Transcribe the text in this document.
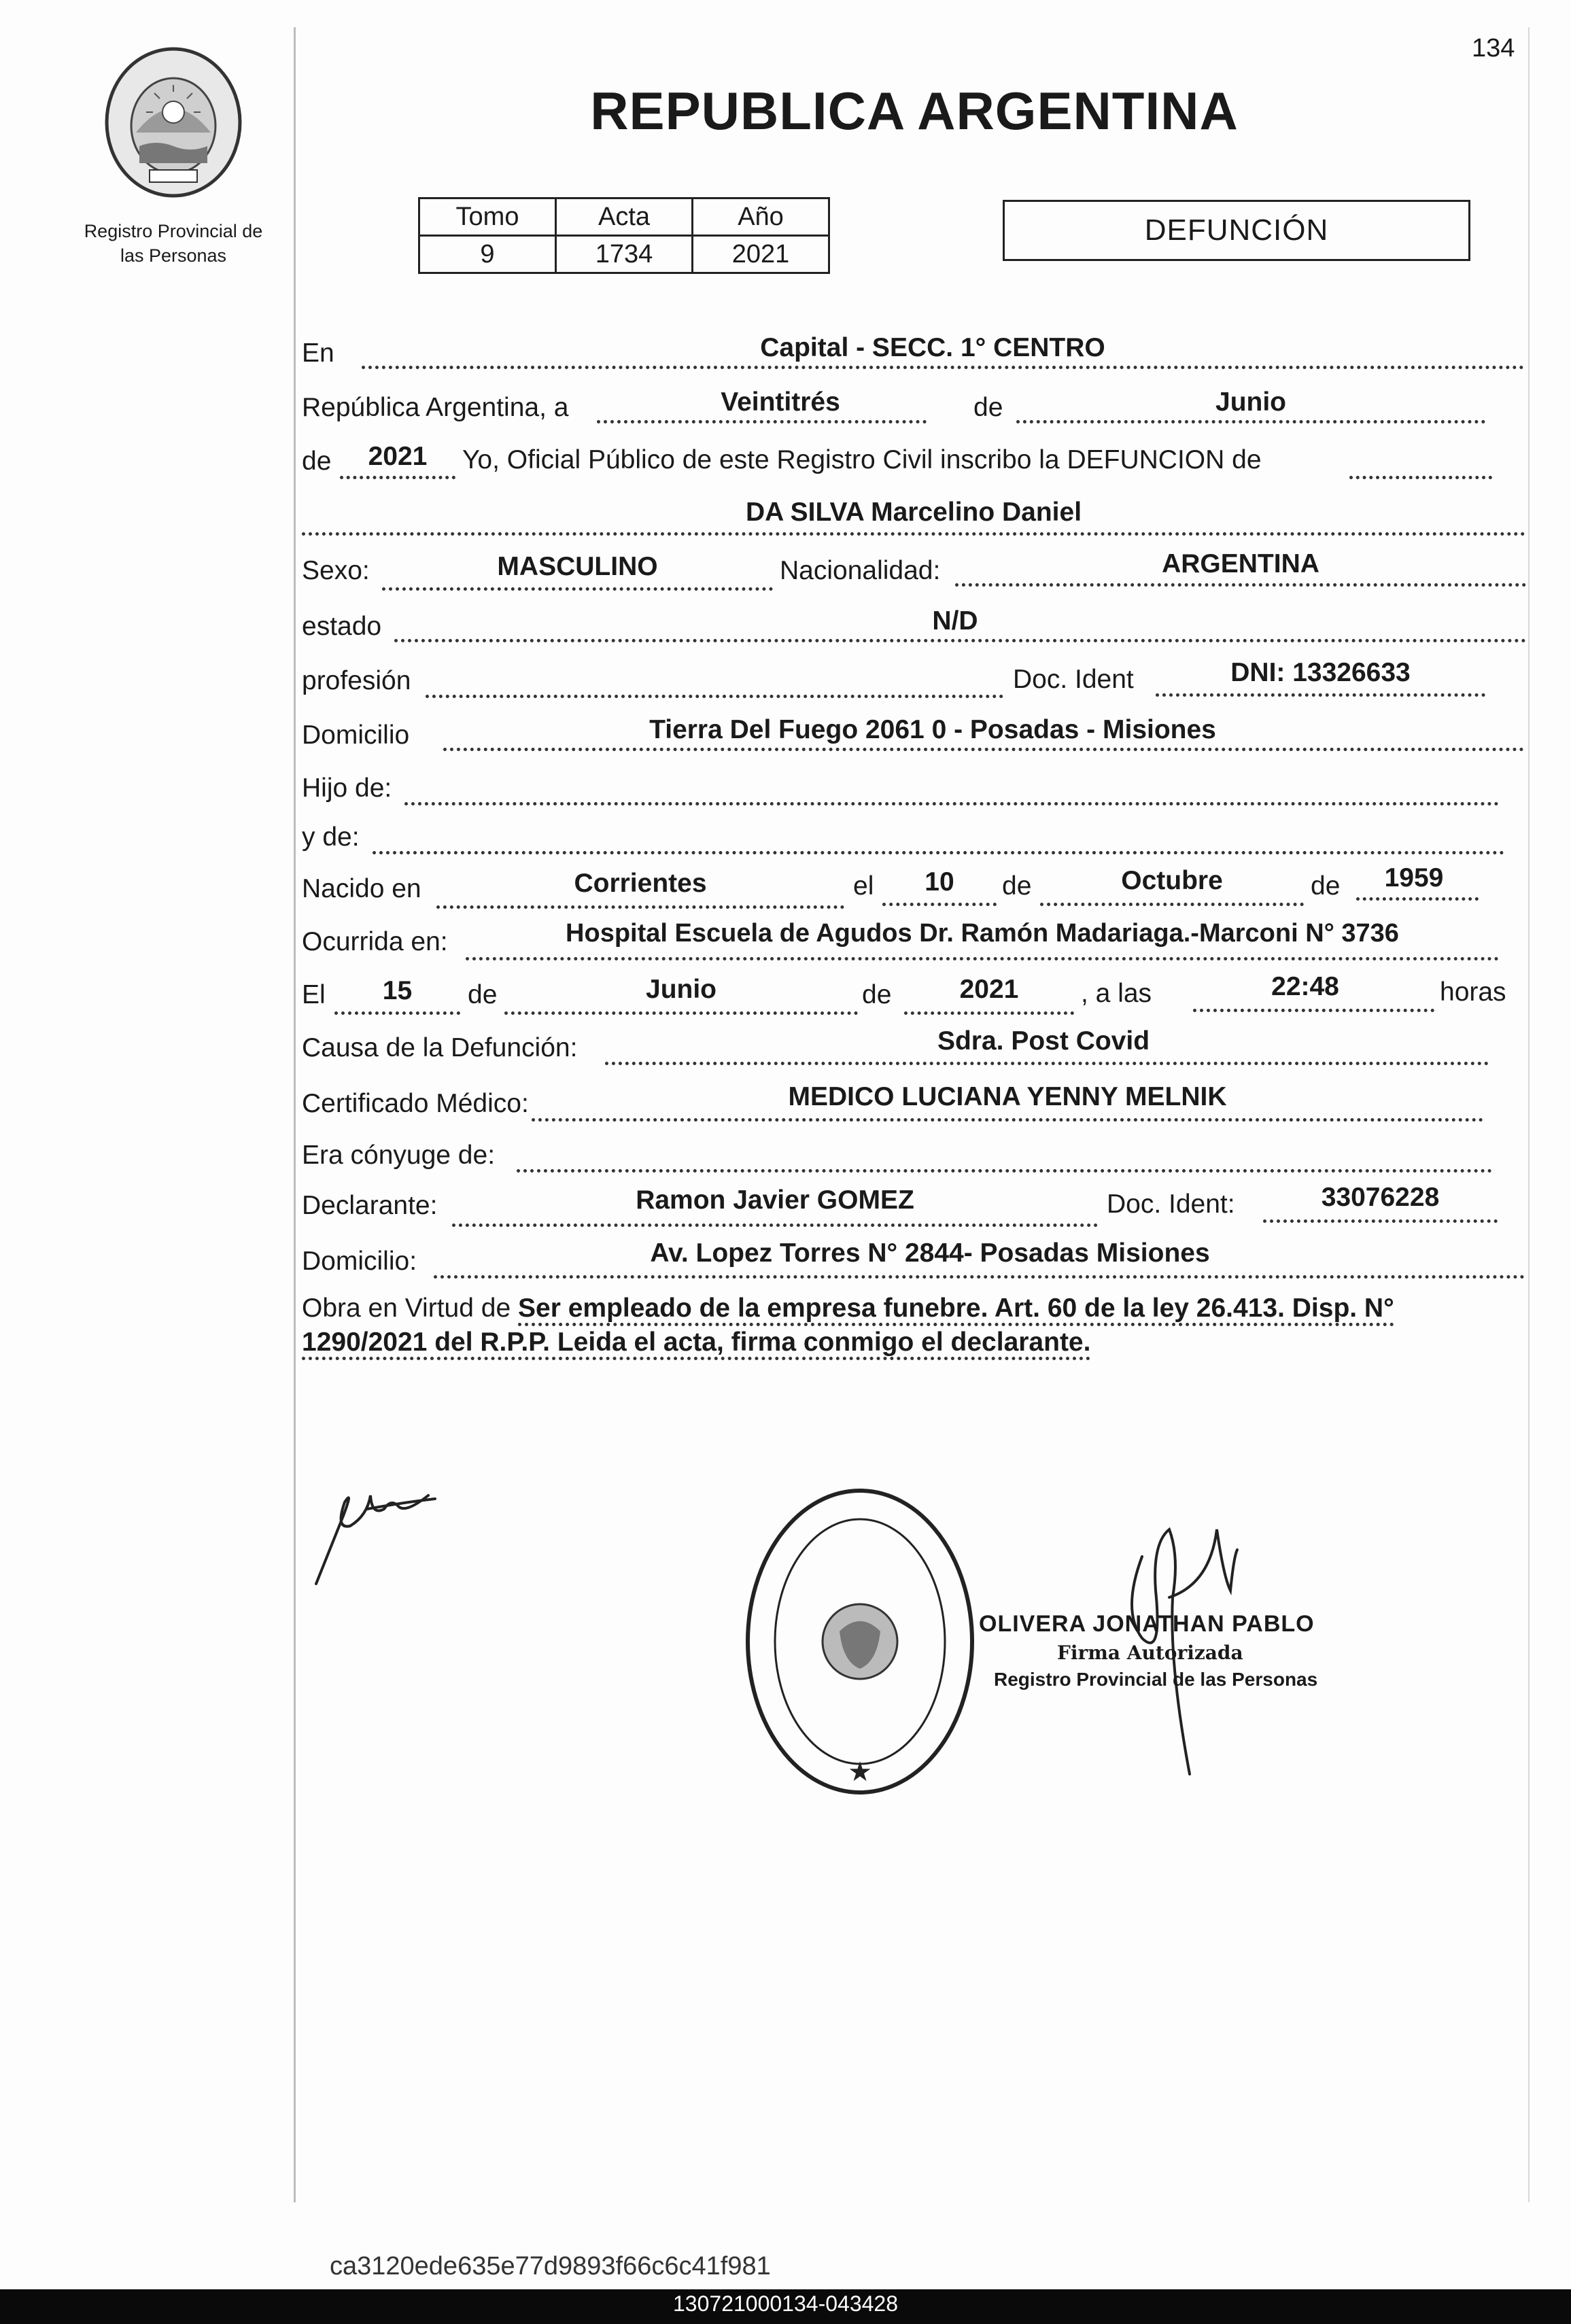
134
Registro Provincial de
las Personas
REPUBLICA ARGENTINA
Tomo	Acta	Año
9	1734	2021
DEFUNCIÓN
En	Capital - SECC. 1° CENTRO
República Argentina, a	Veintitrés	de	Junio
de	2021	Yo, Oficial Público de este Registro Civil inscribo la DEFUNCION de
DA SILVA Marcelino Daniel
Sexo:	MASCULINO	Nacionalidad:	ARGENTINA
estado	N/D
profesión	Doc. Ident	DNI: 13326633
Domicilio	Tierra Del Fuego 2061 0 - Posadas - Misiones
Hijo de:
y de:
Nacido en	Corrientes	el	10	de	Octubre	de	1959
Ocurrida en:	Hospital Escuela de Agudos Dr. Ramón Madariaga.-Marconi N° 3736
El	15	de	Junio	de	2021	, a las	22:48	horas
Causa de la Defunción:	Sdra. Post Covid
Certificado Médico:	MEDICO LUCIANA YENNY MELNIK
Era cónyuge de:
Declarante:	Ramon Javier GOMEZ	Doc. Ident:	33076228
Domicilio:	Av. Lopez Torres N° 2844- Posadas Misiones
Obra en Virtud de Ser empleado de la empresa funebre. Art. 60 de la ley 26.413. Disp. N° 1290/2021 del R.P.P. Leida el acta, firma conmigo el declarante.
★
OLIVERA JONATHAN PABLO
Firma Autorizada
Registro Provincial de las Personas
ca3120ede635e77d9893f66c6c41f981
130721000134-043428
